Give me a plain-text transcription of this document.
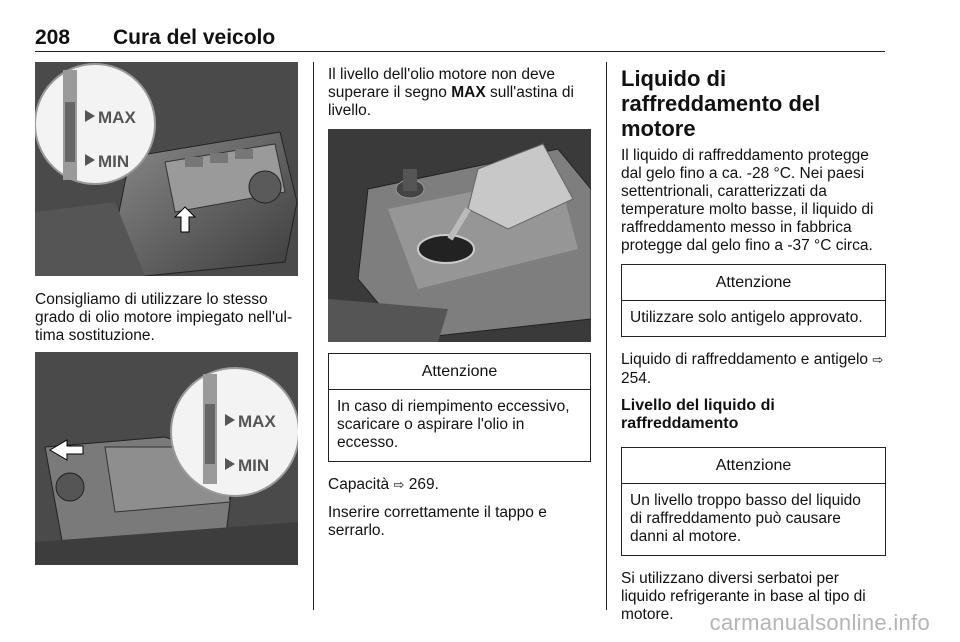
208 Cura del veicolo
MAX
MIN

Consigliamo di utilizzare lo stesso grado di olio motore impiegato nell'ul-tima sostituzione.

MAX
MIN

Il livello dell'olio motore non deve superare il segno MAX sull'astina di livello.

Attenzione
In caso di riempimento eccessivo, scaricare o aspirare l'olio in eccesso.

Capacità ⇨ 269.

Inserire correttamente il tappo e serrarlo.

Liquido di raffreddamento del motore

Il liquido di raffreddamento protegge dal gelo fino a ca. -28 °C. Nei paesi settentrionali, caratterizzati da temperature molto basse, il liquido di raffreddamento messo in fabbrica protegge dal gelo fino a -37 °C circa.

Attenzione
Utilizzare solo antigelo approvato.

Liquido di raffreddamento e antigelo ⇨ 254.

Livello del liquido di raffreddamento
Attenzione
Un livello troppo basso del liquido di raffreddamento può causare danni al motore.

Si utilizzano diversi serbatoi per liquido refrigerante in base al tipo di motore.	carmanualsonline.info
